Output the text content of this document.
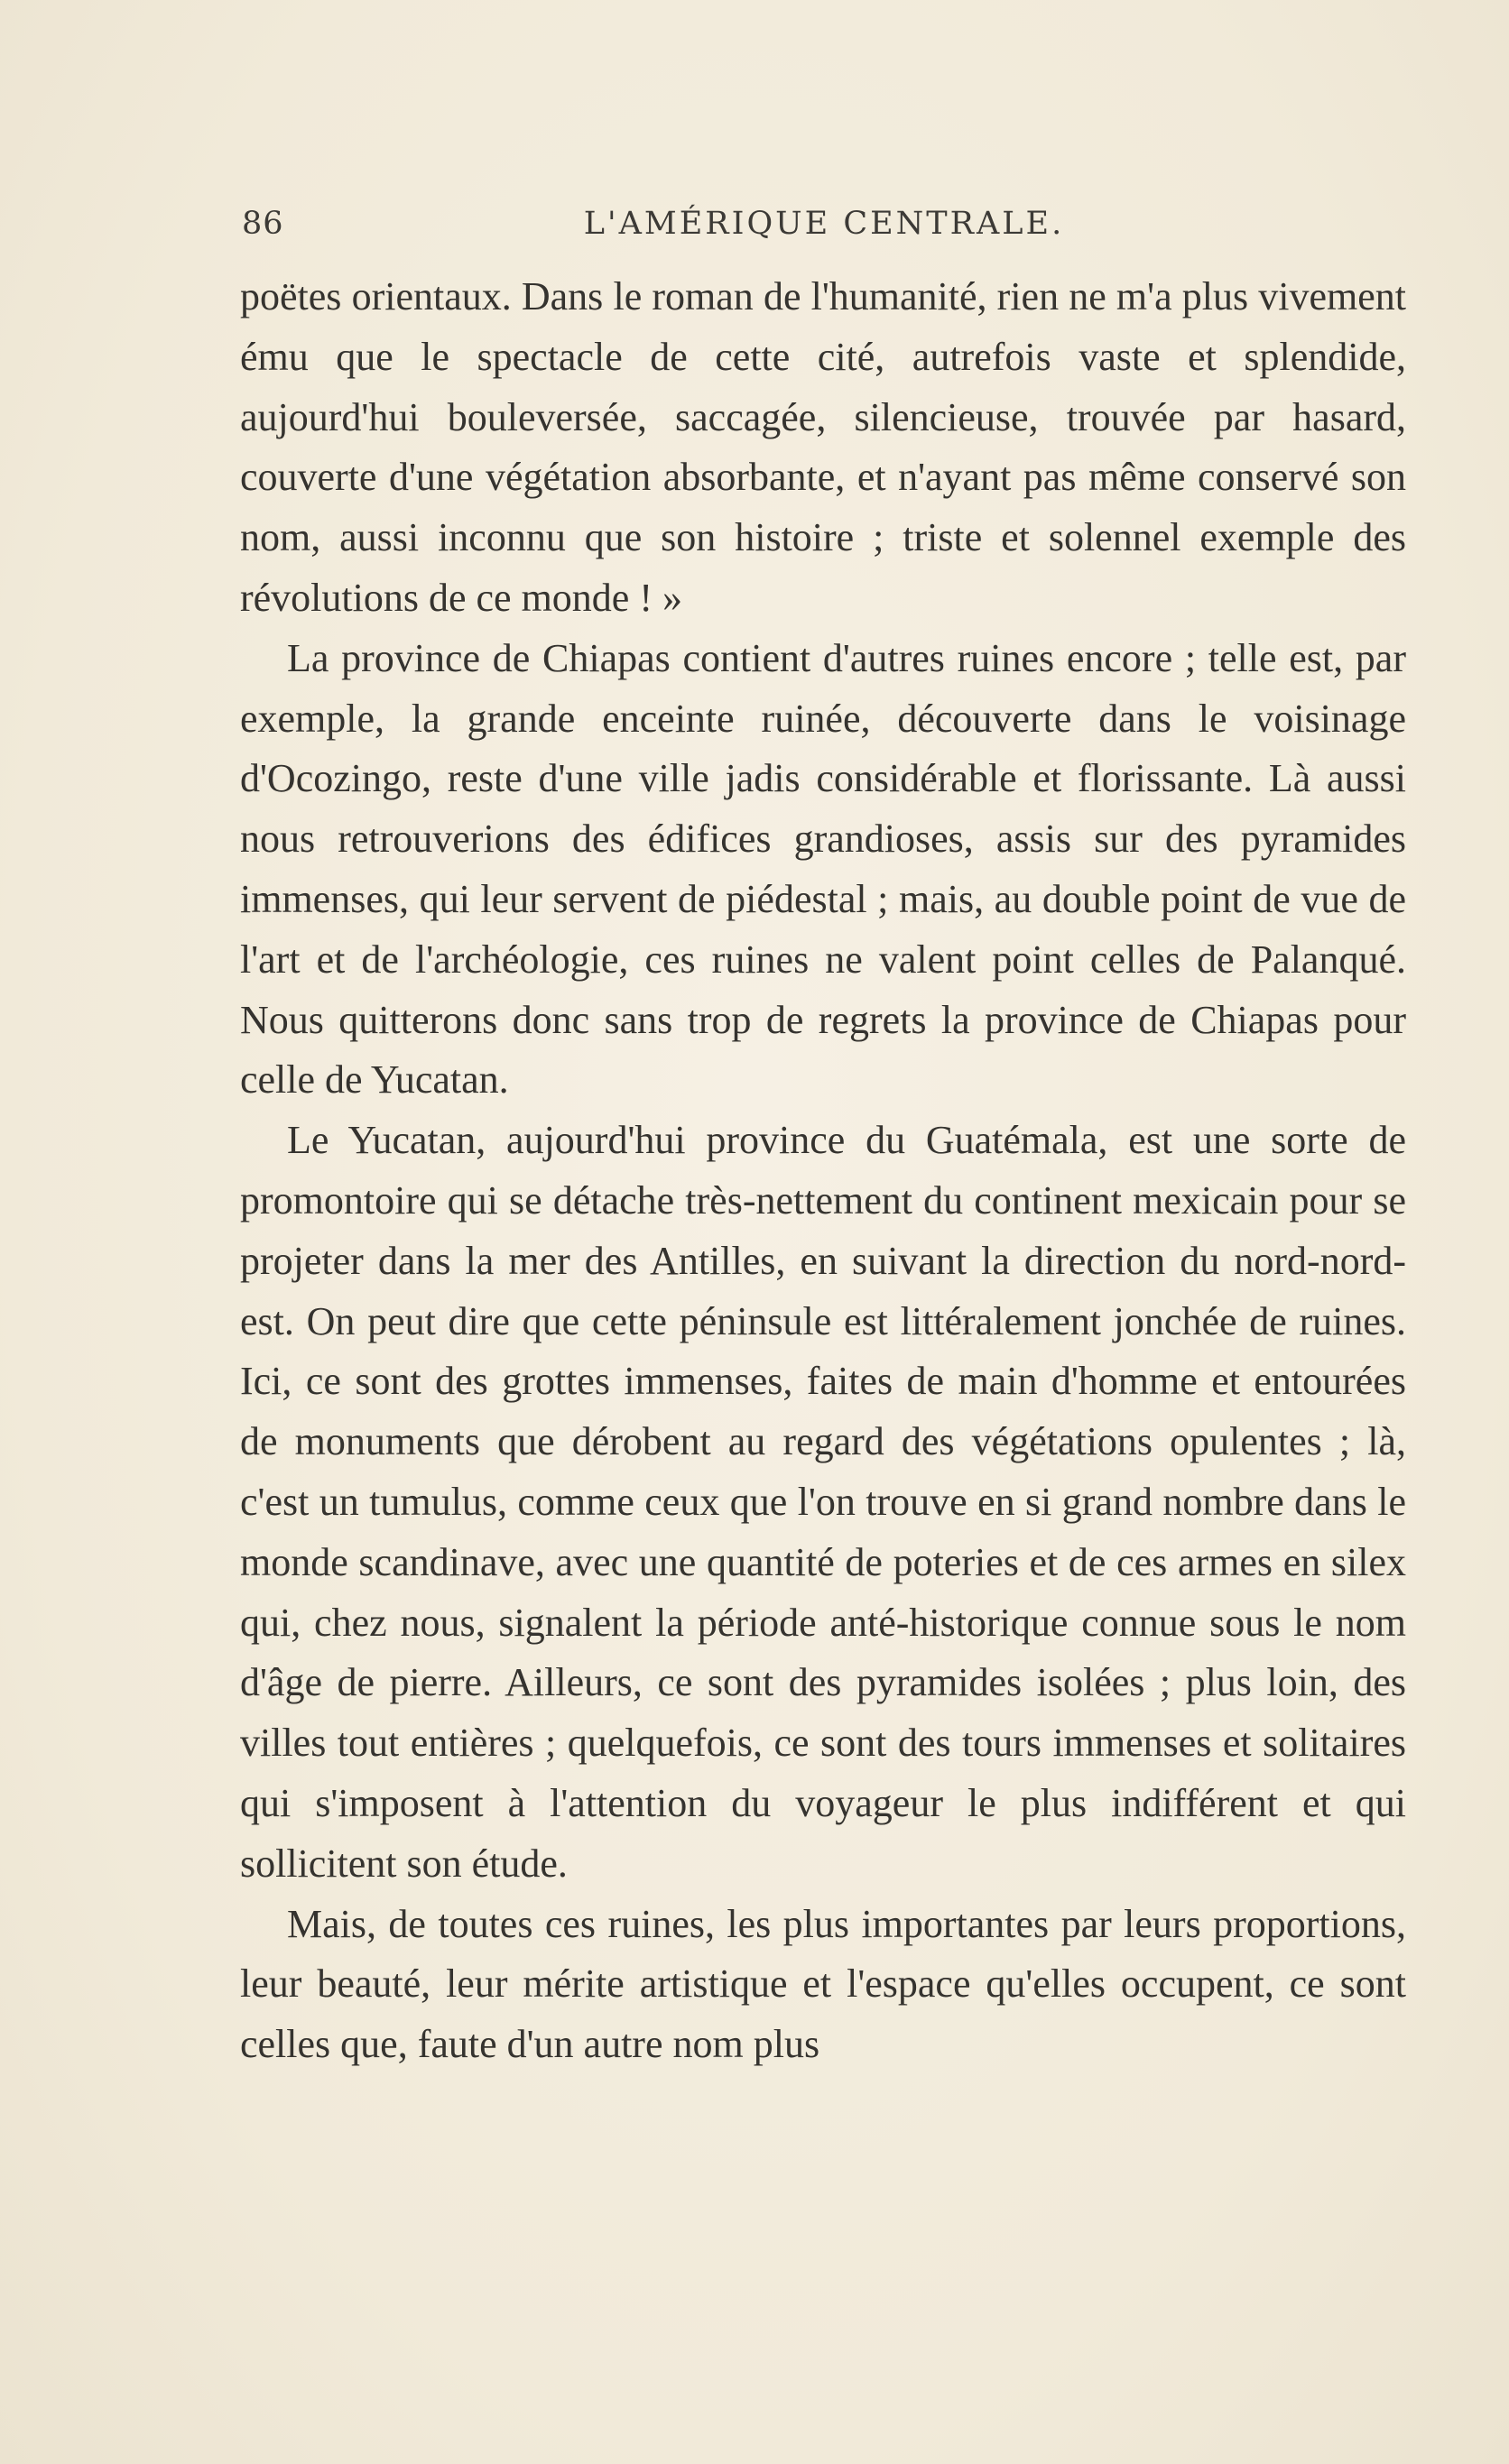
86	L'AMÉRIQUE CENTRALE.

poëtes orientaux. Dans le roman de l'humanité, rien ne m'a plus vivement ému que le spectacle de cette cité, autrefois vaste et splendide, aujourd'hui bouleversée, saccagée, silencieuse, trouvée par hasard, couverte d'une végétation absorbante, et n'ayant pas même conservé son nom, aussi inconnu que son histoire ; triste et solennel exemple des révolutions de ce monde ! »

La province de Chiapas contient d'autres ruines encore ; telle est, par exemple, la grande enceinte ruinée, découverte dans le voisinage d'Ocozingo, reste d'une ville jadis considérable et florissante. Là aussi nous retrouverions des édifices grandioses, assis sur des pyramides immenses, qui leur servent de piédestal ; mais, au double point de vue de l'art et de l'archéologie, ces ruines ne valent point celles de Palanqué. Nous quitterons donc sans trop de regrets la province de Chiapas pour celle de Yucatan.

Le Yucatan, aujourd'hui province du Guatémala, est une sorte de promontoire qui se détache très-nettement du continent mexicain pour se projeter dans la mer des Antilles, en suivant la direction du nord-nord-est. On peut dire que cette péninsule est littéralement jonchée de ruines. Ici, ce sont des grottes immenses, faites de main d'homme et entourées de monuments que dérobent au regard des végétations opulentes ; là, c'est un tumulus, comme ceux que l'on trouve en si grand nombre dans le monde scandinave, avec une quantité de poteries et de ces armes en silex qui, chez nous, signalent la période anté-historique connue sous le nom d'âge de pierre. Ailleurs, ce sont des pyramides isolées ; plus loin, des villes tout entières ; quelquefois, ce sont des tours immenses et solitaires qui s'imposent à l'attention du voyageur le plus indifférent et qui sollicitent son étude.

Mais, de toutes ces ruines, les plus importantes par leurs proportions, leur beauté, leur mérite artistique et l'espace qu'elles occupent, ce sont celles que, faute d'un autre nom plus
